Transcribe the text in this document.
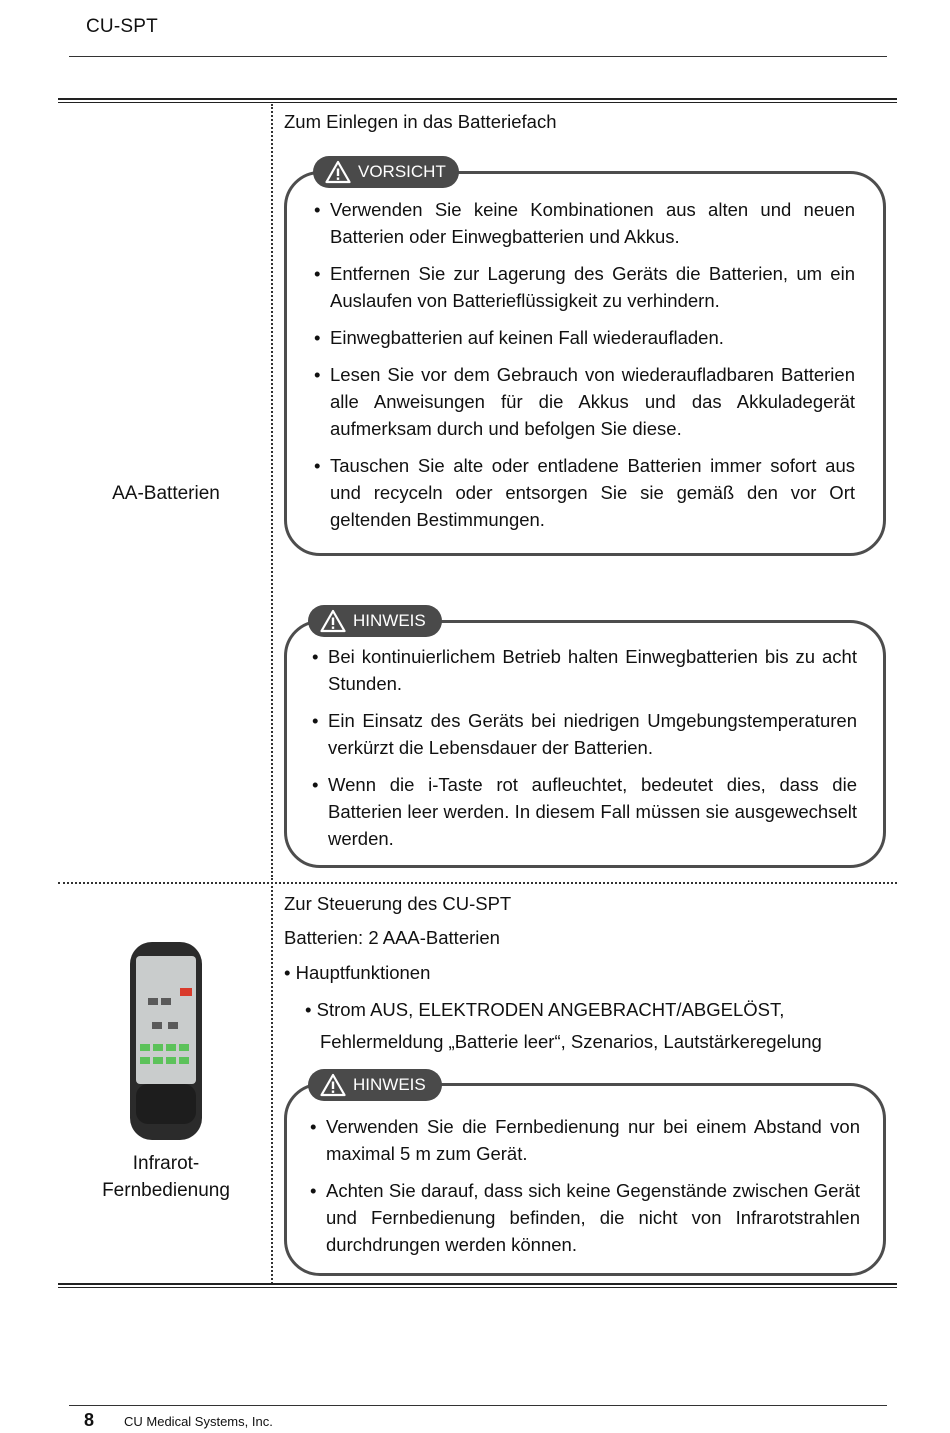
CU-SPT
AA-Batterien
Zum Einlegen in das Batteriefach
VORSICHT
• Verwenden Sie keine Kombinationen aus alten und neuen Batterien oder Einwegbatterien und Akkus.
• Entfernen Sie zur Lagerung des Geräts die Batterien, um ein Auslaufen von Batterieflüssigkeit zu verhindern.
• Einwegbatterien auf keinen Fall wiederaufladen.
• Lesen Sie vor dem Gebrauch von wiederaufladbaren Batterien alle Anweisungen für die Akkus und das Akkuladegerät aufmerksam durch und befolgen Sie diese.
• Tauschen Sie alte oder entladene Batterien immer sofort aus und recyceln oder entsorgen Sie sie gemäß den vor Ort geltenden Bestimmungen.
HINWEIS
• Bei kontinuierlichem Betrieb halten Einwegbatterien bis zu acht Stunden.
• Ein Einsatz des Geräts bei niedrigen Umgebungstemperaturen verkürzt die Lebensdauer der Batterien.
• Wenn die i-Taste rot aufleuchtet, bedeutet dies, dass die Batterien leer werden. In diesem Fall müssen sie ausgewechselt werden.
Infrarot-
Fernbedienung
Zur Steuerung des CU-SPT
Batterien: 2 AAA-Batterien
• Hauptfunktionen
• Strom AUS, ELEKTRODEN ANGEBRACHT/ABGELÖST,
Fehlermeldung „Batterie leer“, Szenarios, Lautstärkeregelung
HINWEIS
• Verwenden Sie die Fernbedienung nur bei einem Abstand von maximal 5 m zum Gerät.
• Achten Sie darauf, dass sich keine Gegenstände zwischen Gerät und Fernbedienung befinden, die nicht von Infrarotstrahlen durchdrungen werden können.
8 CU Medical Systems, Inc.
